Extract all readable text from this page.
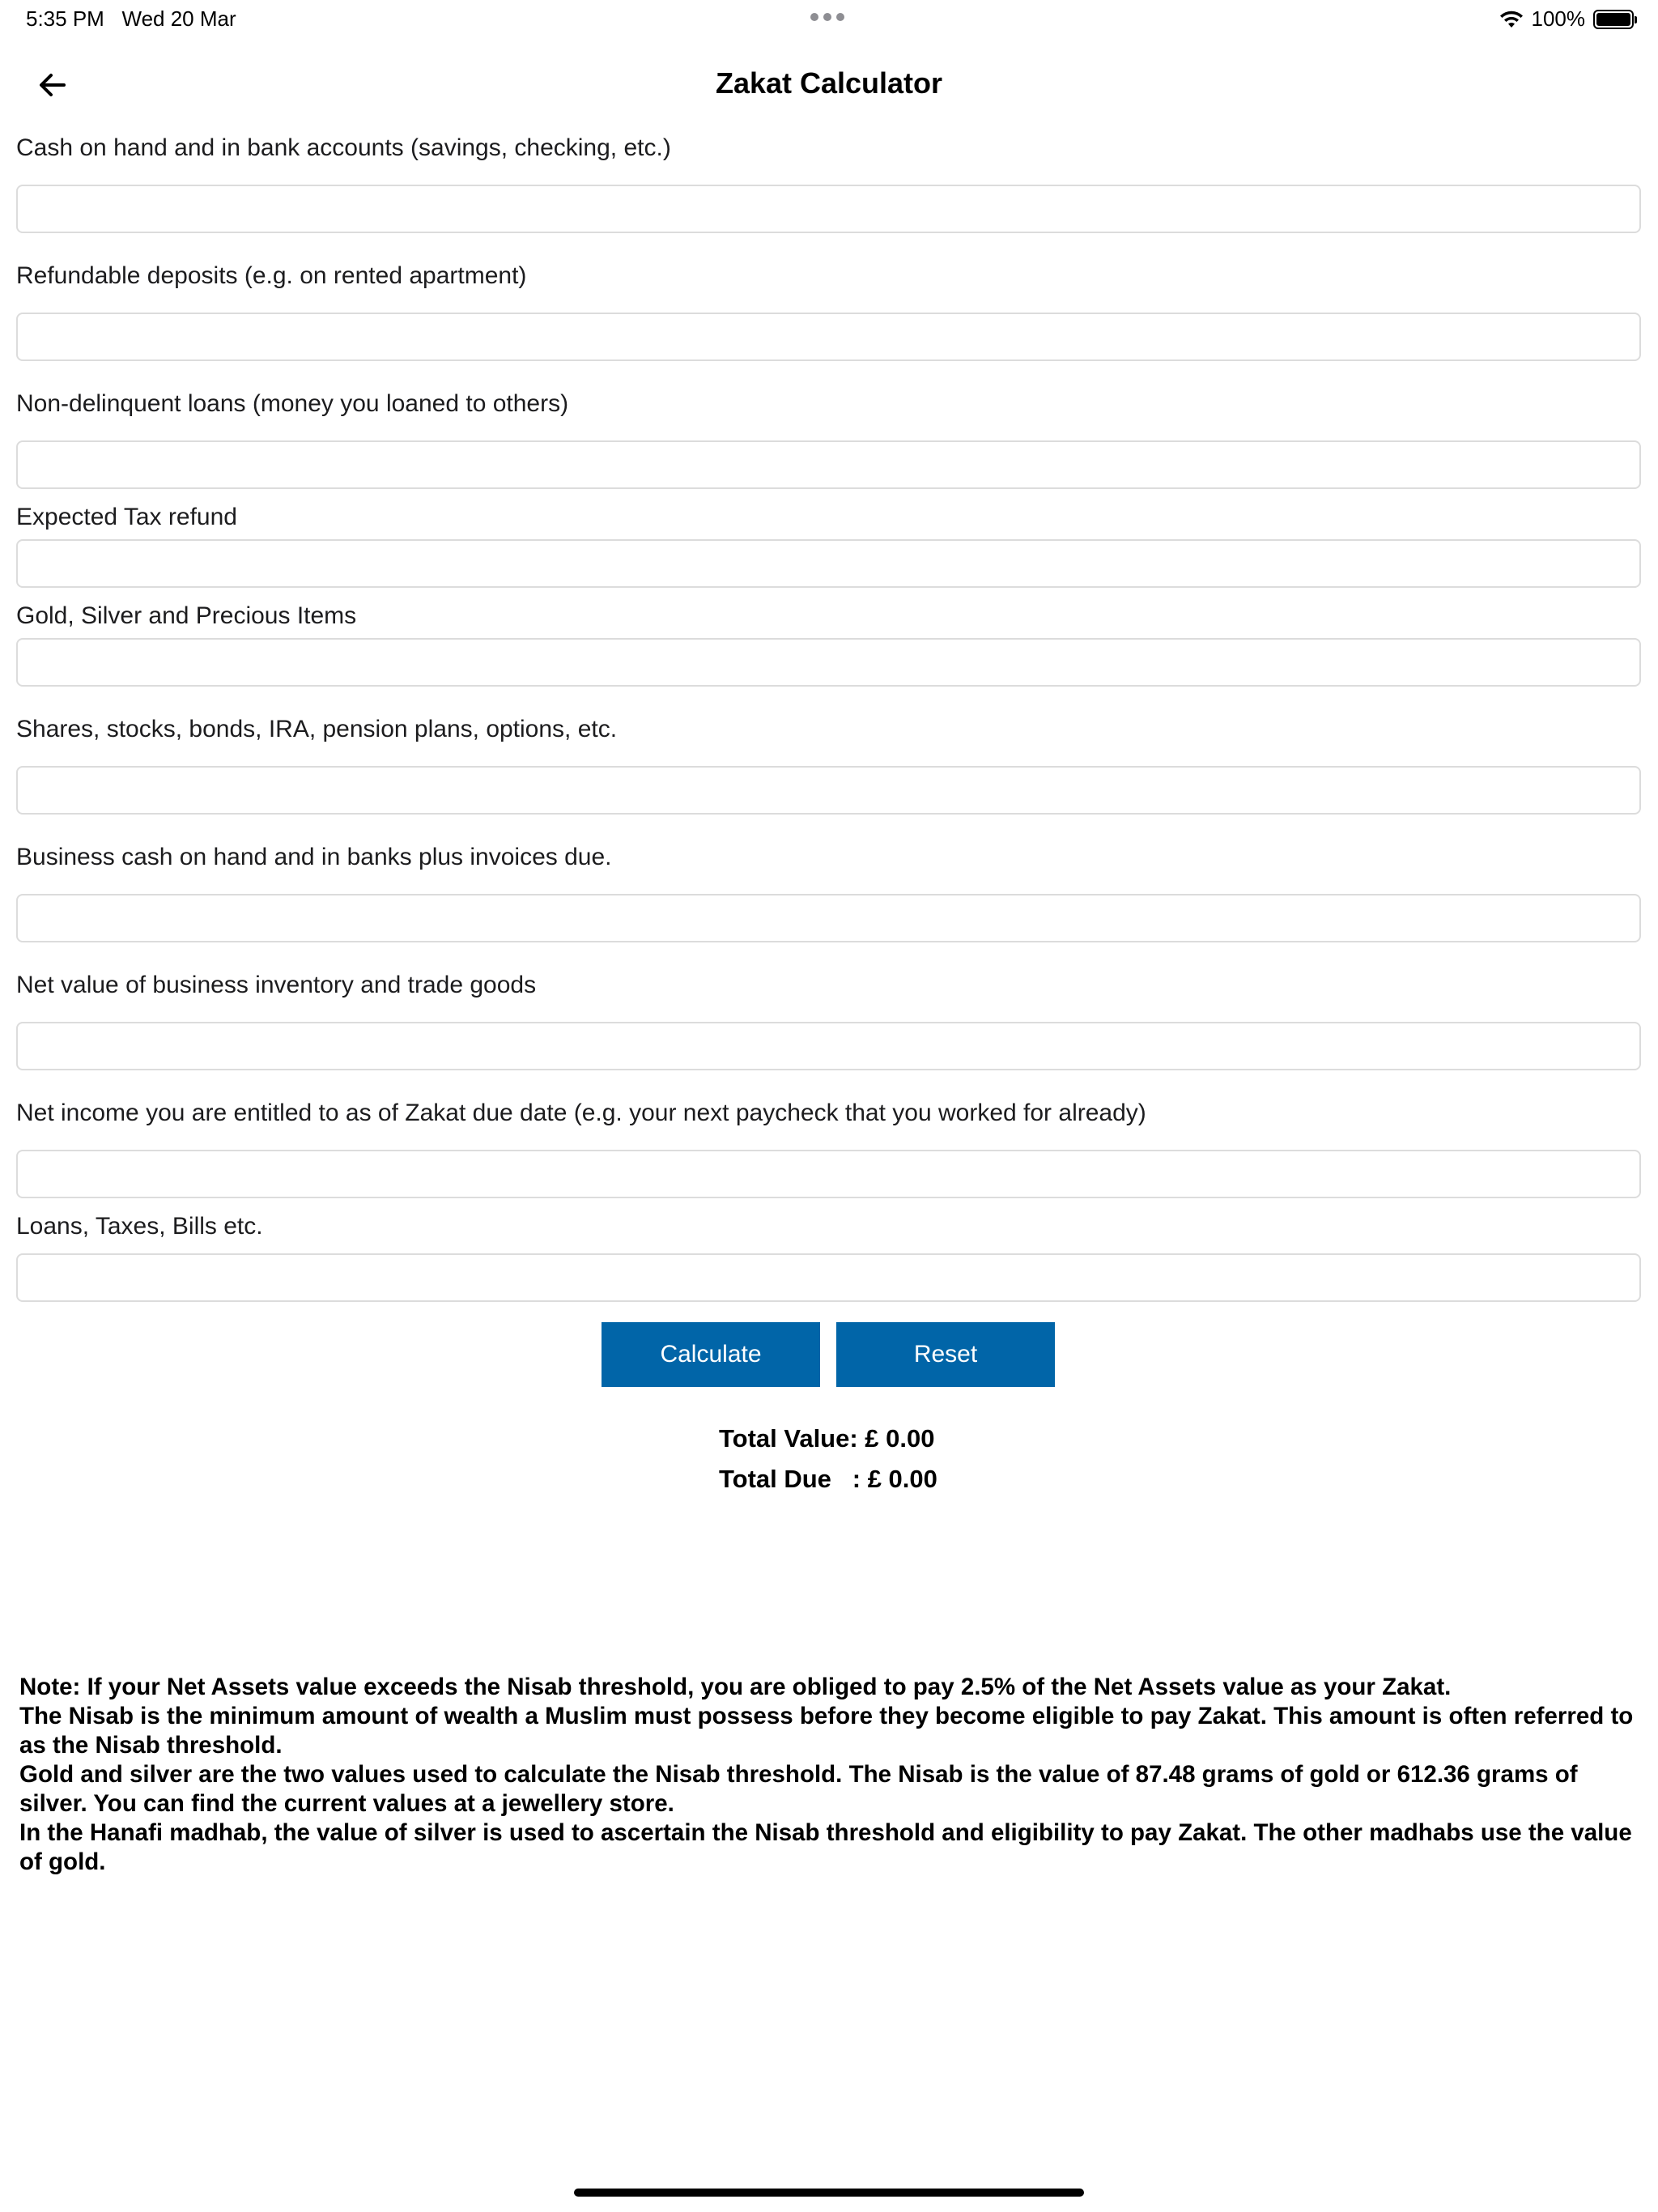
5:35 PM Wed 20 Mar	100%
Zakat Calculator
Cash on hand and in bank accounts (savings, checking, etc.)
Refundable deposits (e.g. on rented apartment)
Non-delinquent loans (money you loaned to others)
Expected Tax refund
Gold, Silver and Precious Items
Shares, stocks, bonds, IRA, pension plans, options, etc.
Business cash on hand and in banks plus invoices due.
Net value of business inventory and trade goods
Net income you are entitled to as of Zakat due date (e.g. your next paycheck that you worked for already)
Loans, Taxes, Bills etc.
Calculate	Reset
Total Value: £ 0.00
Total Due   : £ 0.00

Note: If your Net Assets value exceeds the Nisab threshold, you are obliged to pay 2.5% of the Net Assets value as your Zakat.

The Nisab is the minimum amount of wealth a Muslim must possess before they become eligible to pay Zakat. This amount is often referred to as the Nisab threshold.

Gold and silver are the two values used to calculate the Nisab threshold. The Nisab is the value of 87.48 grams of gold or 612.36 grams of silver. You can find the current values at a jewellery store.

In the Hanafi madhab, the value of silver is used to ascertain the Nisab threshold and eligibility to pay Zakat. The other madhabs use the value of gold.
